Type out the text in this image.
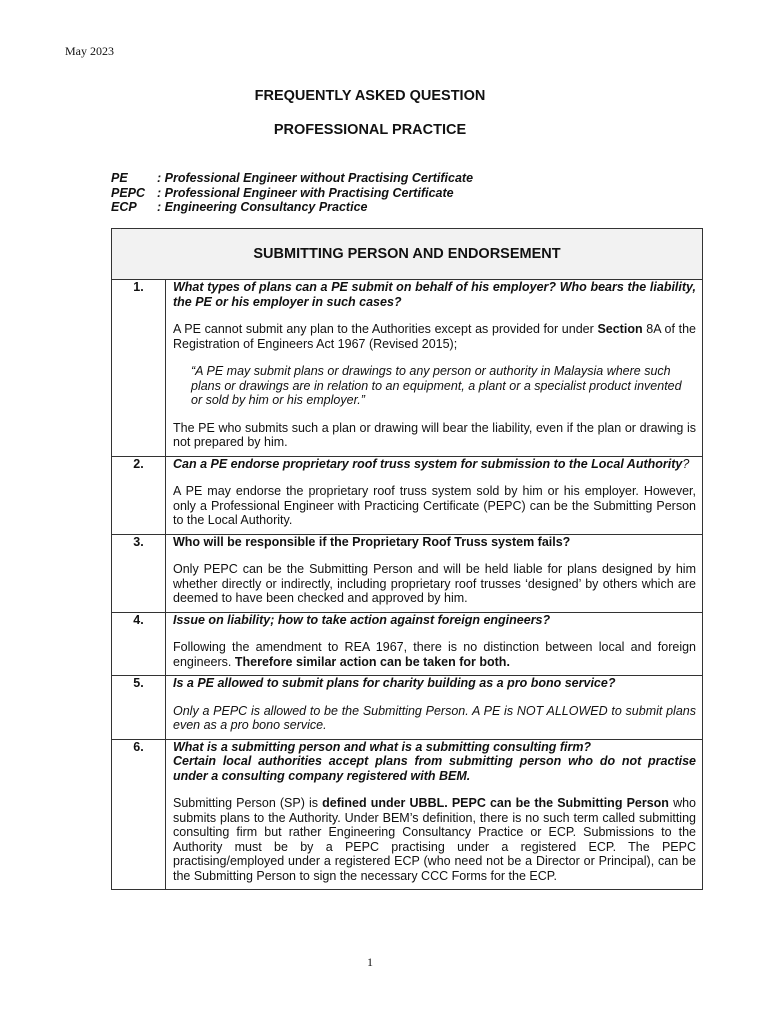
May 2023
FREQUENTLY ASKED QUESTION
PROFESSIONAL PRACTICE
PE	: Professional Engineer without Practising Certificate
PEPC : Professional Engineer with Practising Certificate
ECP	: Engineering Consultancy Practice
SUBMITTING PERSON AND ENDORSEMENT	
1.	What types of plans can a PE submit on behalf of his employer? Who bears the liability, the PE or his employer in such cases?

A PE cannot submit any plan to the Authorities except as provided for under Section 8A of the Registration of Engineers Act 1967 (Revised 2015);

“A PE may submit plans or drawings to any person or authority in Malaysia where such plans or drawings are in relation to an equipment, a plant or a specialist product invented or sold by him or his employer.”

The PE who submits such a plan or drawing will bear the liability, even if the plan or drawing is not prepared by him.

2.	Can a PE endorse proprietary roof truss system for submission to the Local Authority?

A PE may endorse the proprietary roof truss system sold by him or his employer. However, only a Professional Engineer with Practicing Certificate (PEPC) can be the Submitting Person to the Local Authority.

3.	Who will be responsible if the Proprietary Roof Truss system fails?

Only PEPC can be the Submitting Person and will be held liable for plans designed by him whether directly or indirectly, including proprietary roof trusses ‘designed’ by others which are deemed to have been checked and approved by him.

4.	Issue on liability; how to take action against foreign engineers?

Following the amendment to REA 1967, there is no distinction between local and foreign engineers. Therefore similar action can be taken for both.

5.	Is a PE allowed to submit plans for charity building as a pro bono service?

Only a PEPC is allowed to be the Submitting Person. A PE is NOT ALLOWED to submit plans even as a pro bono service.

6.	What is a submitting person and what is a submitting consulting firm?

Certain local authorities accept plans from submitting person who do not practise under a consulting company registered with BEM.

Submitting Person (SP) is defined under UBBL. PEPC can be the Submitting Person who submits plans to the Authority. Under BEM’s definition, there is no such term called submitting consulting firm but rather Engineering Consultancy Practice or ECP. Submissions to the Authority must be by a PEPC practising under a registered ECP. The PEPC practising/employed under a registered ECP (who need not be a Director or Principal), can be the Submitting Person to sign the necessary CCC Forms for the ECP.

1
